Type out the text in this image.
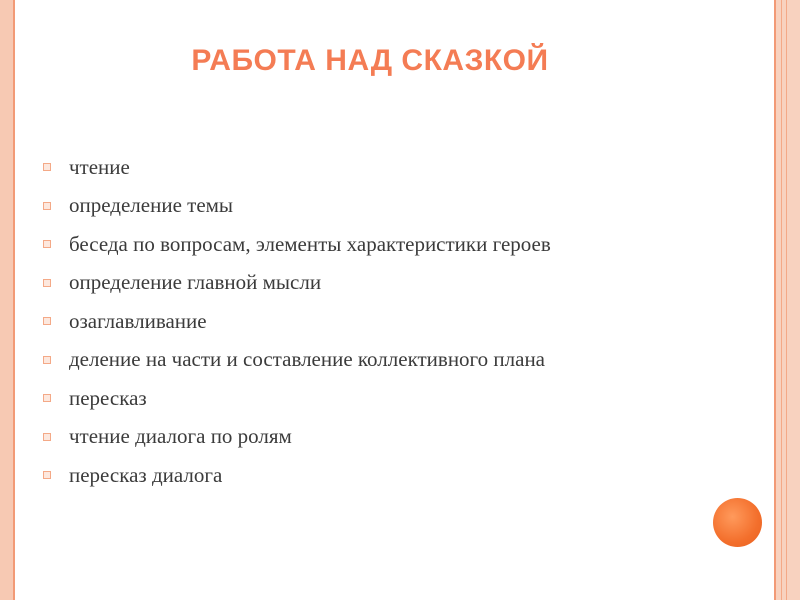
РАБОТА НАД СКАЗКОЙ
чтение
определение темы
беседа по вопросам, элементы характеристики героев
определение главной мысли
озаглавливание
деление на части и составление коллективного плана
пересказ
чтение диалога по ролям
пересказ диалога
